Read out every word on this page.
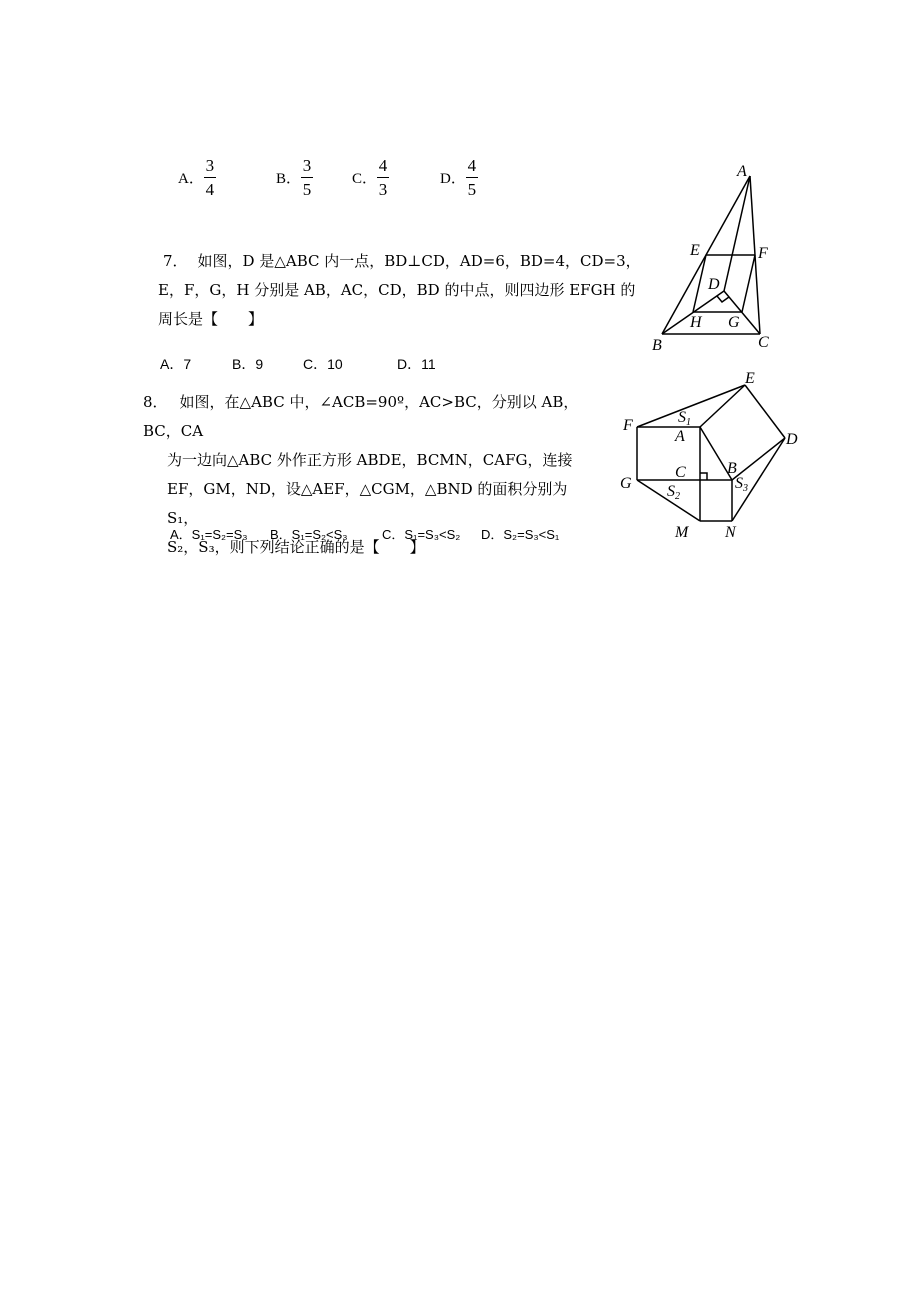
A． $\frac{3}{4}$	B． $\frac{3}{5}$	C． $\frac{4}{3}$	D． $\frac{4}{5}$
7． 如图，D 是△ABC 内一点，BD⊥CD，AD=6，BD=4，CD=3，
E，F，G，H 分别是 AB，AC，CD，BD 的中点，则四边形 EFGH 的
周长是【　　】
A．7	B．9	C．10	D．11
8． 如图，在△ABC 中，∠ACB=90º，AC>BC，分别以 AB，BC，CA
为一边向△ABC 外作正方形 ABDE，BCMN，CAFG，连接
EF，GM，ND，设△AEF，△CGM，△BND 的面积分别为 S₁，
S₂，S₃，则下列结论正确的是【　　】
A．S₁=S₂=S₃ B．S₁=S₂<S₃	C．S₁=S₃<S₂ D．S₂=S₃<S₁
A
E	F
D
H G
B	C
E
F	S1
A	D
C	B
S3
G S2
M N
